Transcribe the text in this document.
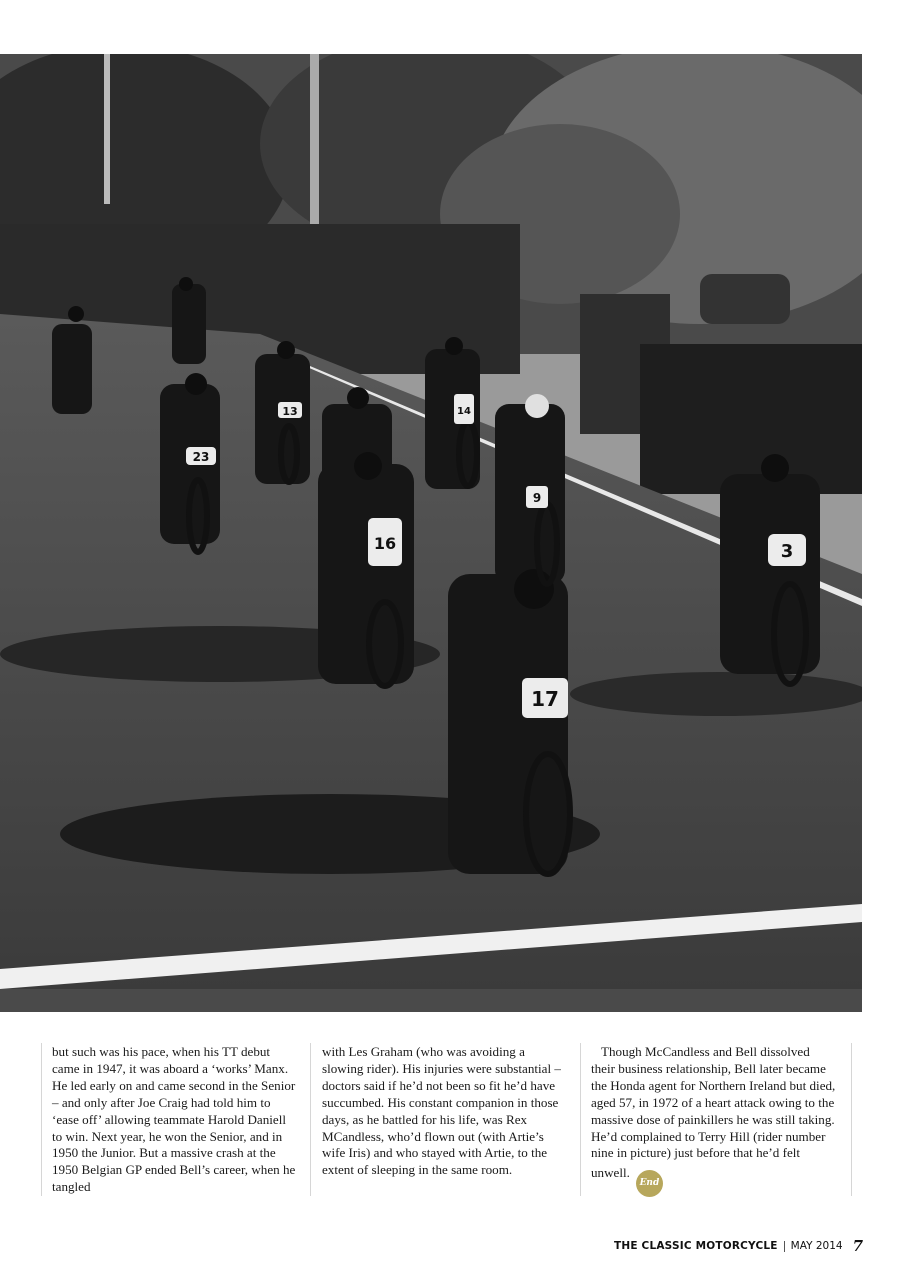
23
13	14
16
9
3
17

but such was his pace, when his TT debut came in 1947, it was aboard a ‘works’ Manx. He led early on and came second in the Senior – and only after Joe Craig had told him to ‘ease off’ allowing teammate Harold Daniell to win. Next year, he won the Senior, and in 1950 the Junior. But a massive crash at the 1950 Belgian GP ended Bell’s career, when he tangled

with Les Graham (who was avoiding a slowing rider). His injuries were substantial – doctors said if he’d not been so fit he’d have succumbed. His constant companion in those days, as he battled for his life, was Rex MCandless, who’d flown out (with Artie’s wife Iris) and who stayed with Artie, to the extent of sleeping in the same room.

Though McCandless and Bell dissolved their business relationship, Bell later became the Honda agent for Northern Ireland but died, aged 57, in 1972 of a heart attack owing to the massive dose of painkillers he was still taking. He’d complained to Terry Hill (rider number nine in picture) just before that he’d felt unwell.End

THE CLASSIC MOTORCYCLE MAY 2014 7
